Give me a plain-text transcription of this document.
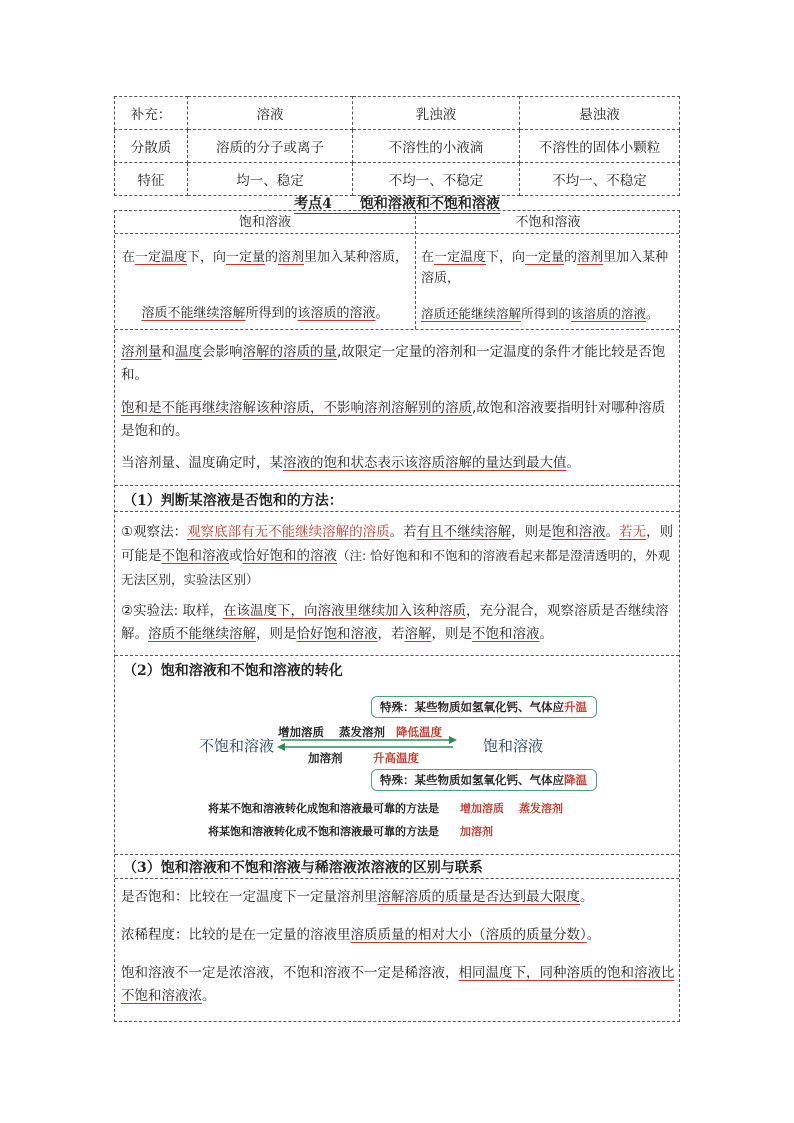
补充：	溶液	乳浊液	悬浊液
分散质	溶质的分子或离子	不溶性的小液滴	不溶性的固体小颗粒
特征	均一、稳定	不均一、不稳定	不均一、不稳定
考点4　　饱和溶液和不饱和溶液
饱和溶液	不饱和溶液
在一定温度下，向一定量的溶剂里加入某种溶质，
溶质不能继续溶解所得到的该溶质的溶液。
在一定温度下，向一定量的溶剂里加入某种溶质，
溶质还能继续溶解所得到的该溶质的溶液。
溶剂量和温度会影响溶解的溶质的量,故限定一定量的溶剂和一定温度的条件才能比较是否饱和。
饱和是不能再继续溶解该种溶质，不影响溶剂溶解别的溶质,故饱和溶液要指明针对哪种溶质是饱和的。
当溶剂量、温度确定时，某溶液的饱和状态表示该溶质溶解的量达到最大值。
（1）判断某溶液是否饱和的方法：
①观察法：观察底部有无不能继续溶解的溶质。若有且不继续溶解，则是饱和溶液。若无，则可能是不饱和溶液或恰好饱和的溶液（注: 恰好饱和和不饱和的溶液看起来都是澄清透明的，外观无法区别，实验法区别）
②实验法: 取样，在该温度下，向溶液里继续加入该种溶质，充分混合，观察溶质是否继续溶解。溶质不能继续溶解，则是恰好饱和溶液，若溶解，则是不饱和溶液。
（2）饱和溶液和不饱和溶液的转化
特殊：某些物质如氢氧化钙、气体应升温
增加溶质 蒸发溶剂 降低温度
不饱和溶液	饱和溶液
加溶剂	升高温度
特殊：某些物质如氢氧化钙、气体应降温
将某不饱和溶液转化成饱和溶液最可靠的方法是 增加溶质 蒸发溶剂
将某饱和溶液转化成不饱和溶液最可靠的方法是 加溶剂
（3）饱和溶液和不饱和溶液与稀溶液浓溶液的区别与联系
是否饱和：比较在一定温度下一定量溶剂里溶解溶质的质量是否达到最大限度。
浓稀程度：比较的是在一定量的溶液里溶质质量的相对大小（溶质的质量分数）。
饱和溶液不一定是浓溶液，不饱和溶液不一定是稀溶液，相同温度下，同种溶质的饱和溶液比不饱和溶液浓。
